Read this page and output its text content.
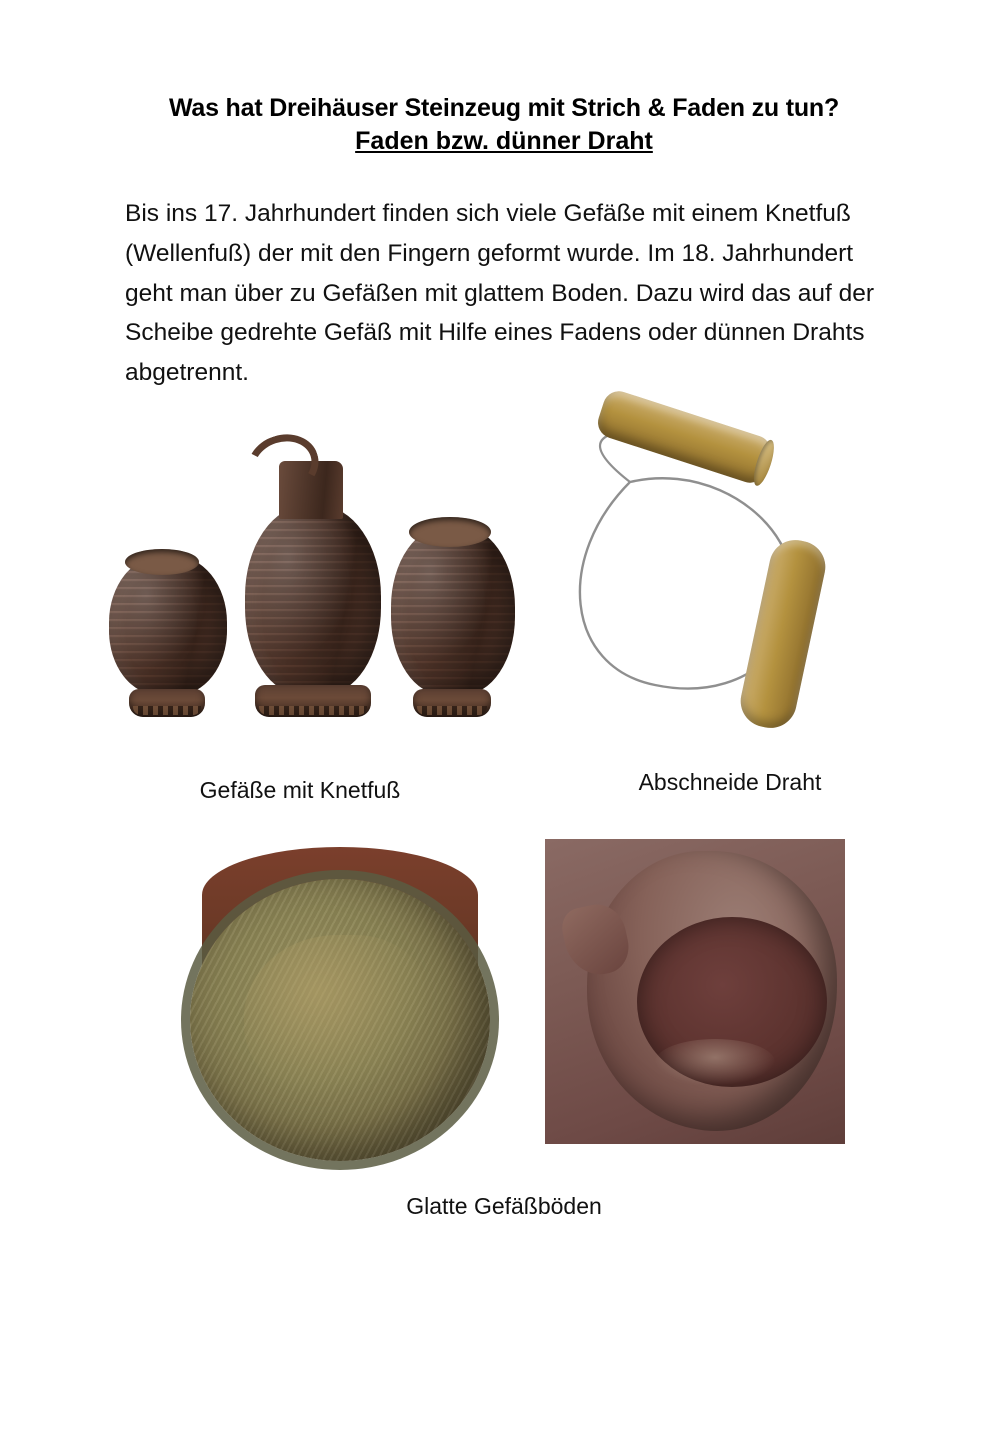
Was hat Dreihäuser Steinzeug mit Strich & Faden zu tun?
Faden bzw. dünner Draht

Bis ins 17. Jahrhundert finden sich viele Gefäße mit einem Knetfuß (Wellenfuß) der mit den Fingern geformt wurde. Im 18. Jahrhundert geht man über zu Gefäßen mit glattem Boden. Dazu wird das auf der Scheibe gedrehte Gefäß mit Hilfe eines Fadens oder dünnen Drahts abgetrennt.

Gefäße mit Knetfuß	Abschneide Draht
Glatte Gefäßböden
